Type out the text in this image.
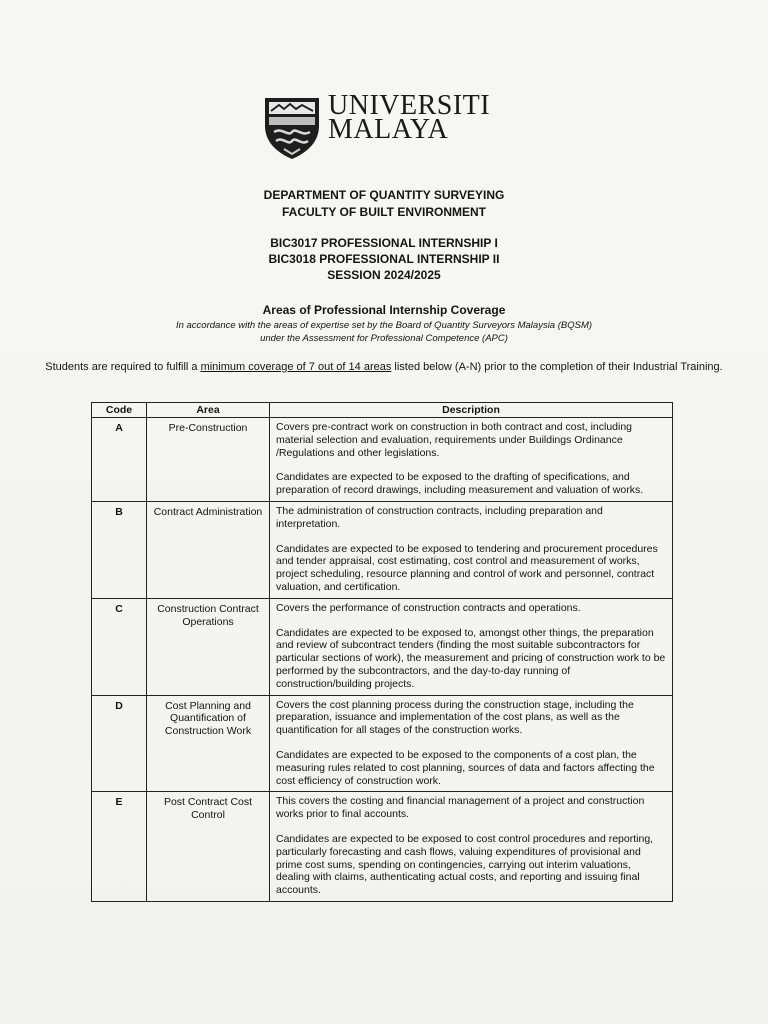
UNIVERSITI
MALAYA
DEPARTMENT OF QUANTITY SURVEYING
FACULTY OF BUILT ENVIRONMENT
BIC3017 PROFESSIONAL INTERNSHIP I
BIC3018 PROFESSIONAL INTERNSHIP II
SESSION 2024/2025
Areas of Professional Internship Coverage
In accordance with the areas of expertise set by the Board of Quantity Surveyors Malaysia (BQSM)
under the Assessment for Professional Competence (APC)
Students are required to fulfill a minimum coverage of 7 out of 14 areas listed below (A-N) prior to the completion of their Industrial Training.
Code	Area	Description
A	Pre-Construction	Covers pre-contract work on construction in both contract and cost, including material selection and evaluation, requirements under Buildings Ordinance /Regulations and other legislations.

Candidates are expected to be exposed to the drafting of specifications, and preparation of record drawings, including measurement and valuation of works.

B	Contract Administration	The administration of construction contracts, including preparation and interpretation.

Candidates are expected to be exposed to tendering and procurement procedures and tender appraisal, cost estimating, cost control and measurement of works, project scheduling, resource planning and control of work and personnel, contract valuation, and certification.

C	Construction Contract Operations	Covers the performance of construction contracts and operations.

Candidates are expected to be exposed to, amongst other things, the preparation and review of subcontract tenders (finding the most suitable subcontractors for particular sections of work), the measurement and pricing of construction work to be performed by the subcontractors, and the day-to-day running of construction/building projects.

D	Cost Planning and Quantification of Construction Work	Covers the cost planning process during the construction stage, including the preparation, issuance and implementation of the cost plans, as well as the quantification for all stages of the construction works.

Candidates are expected to be exposed to the components of a cost plan, the measuring rules related to cost planning, sources of data and factors affecting the cost efficiency of construction work.

E	Post Contract Cost Control	This covers the costing and financial management of a project and construction works prior to final accounts.

Candidates are expected to be exposed to cost control procedures and reporting, particularly forecasting and cash flows, valuing expenditures of provisional and prime cost sums, spending on contingencies, carrying out interim valuations, dealing with claims, authenticating actual costs, and reporting and issuing final accounts.
